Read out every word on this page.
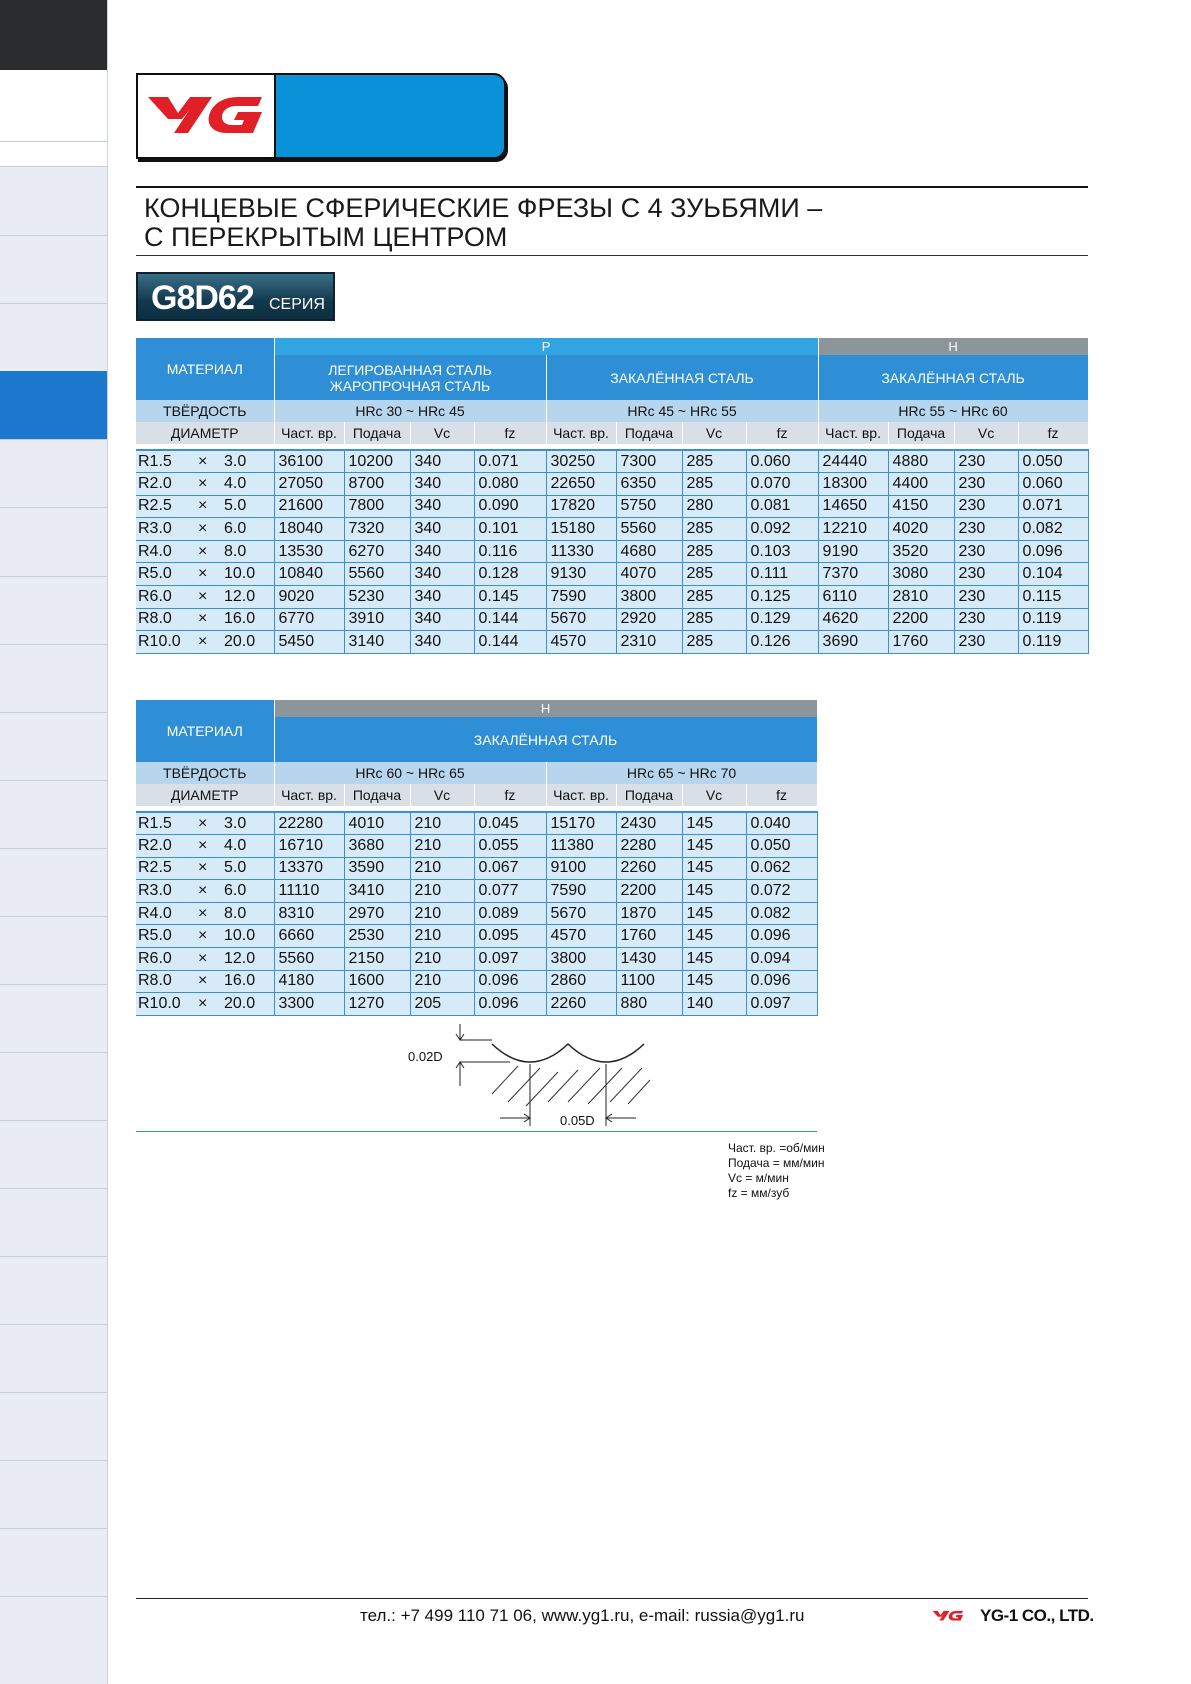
КОНЦЕВЫЕ СФЕРИЧЕСКИЕ ФРЕЗЫ С 4 ЗУЬБЯМИ –
С ПЕРЕКРЫТЫМ ЦЕНТРОМ
G8D62 СЕРИЯ
МАТЕРИАЛ	P								H			

	ЛЕГИРОВАННАЯ СТАЛЬ
ЖАРОПРОЧНАЯ СТАЛЬ				ЗАКАЛЁННАЯ СТАЛЬ				ЗАКАЛЁННАЯ СТАЛЬ			
ТВЁРДОСТЬ	HRc 30 ~ HRc 45				HRc 45 ~ HRc 55				HRc 55 ~ HRc 60			
ДИАМЕТР	Част. вр.	Подача	Vc	fz	Част. вр.	Подача	Vc	fz	Част. вр.	Подача	Vc	fz

R1.5 × 3.0	36100	10200	340	0.071	30250	7300	285	0.060	24440	4880	230	0.050

R2.0 × 4.0	27050	8700	340	0.080	22650	6350	285	0.070	18300	4400	230	0.060

R2.5 × 5.0	21600	7800	340	0.090	17820	5750	280	0.081	14650	4150	230	0.071

R3.0 × 6.0	18040	7320	340	0.101	15180	5560	285	0.092	12210	4020	230	0.082

R4.0 × 8.0	13530	6270	340	0.116	11330	4680	285	0.103	9190	3520	230	0.096

R5.0 × 10.0	10840	5560	340	0.128	9130	4070	285	0.111	7370	3080	230	0.104

R6.0 × 12.0	9020	5230	340	0.145	7590	3800	285	0.125	6110	2810	230	0.115

R8.0 × 16.0	6770	3910	340	0.144	5670	2920	285	0.129	4620	2200	230	0.119

R10.0 × 20.0	5450	3140	340	0.144	4570	2310	285	0.126	3690	1760	230	0.119
МАТЕРИАЛ	H							
	ЗАКАЛЁННАЯ СТАЛЬ							
ТВЁРДОСТЬ	HRc 60 ~ HRc 65				HRc 65 ~ HRc 70			
ДИАМЕТР	Част. вр.	Подача	Vc	fz	Част. вр.	Подача	Vc	fz

R1.5 × 3.0	22280	4010	210	0.045	15170	2430	145	0.040

R2.0 × 4.0	16710	3680	210	0.055	11380	2280	145	0.050

R2.5 × 5.0	13370	3590	210	0.067	9100	2260	145	0.062

R3.0 × 6.0	11110	3410	210	0.077	7590	2200	145	0.072

R4.0 × 8.0	8310	2970	210	0.089	5670	1870	145	0.082

R5.0 × 10.0	6660	2530	210	0.095	4570	1760	145	0.096

R6.0 × 12.0	5560	2150	210	0.097	3800	1430	145	0.094

R8.0 × 16.0	4180	1600	210	0.096	2860	1100	145	0.096

R10.0 × 20.0	3300	1270	205	0.096	2260	880	140	0.097
0.02D
0.05D
Част. вр. =об/мин
Подача = мм/мин
Vc = м/мин
fz = мм/зуб
тел.: +7 499 110 71 06, www.yg1.ru, e-mail: russia@yg1.ru	YG-1 CO., LTD.
